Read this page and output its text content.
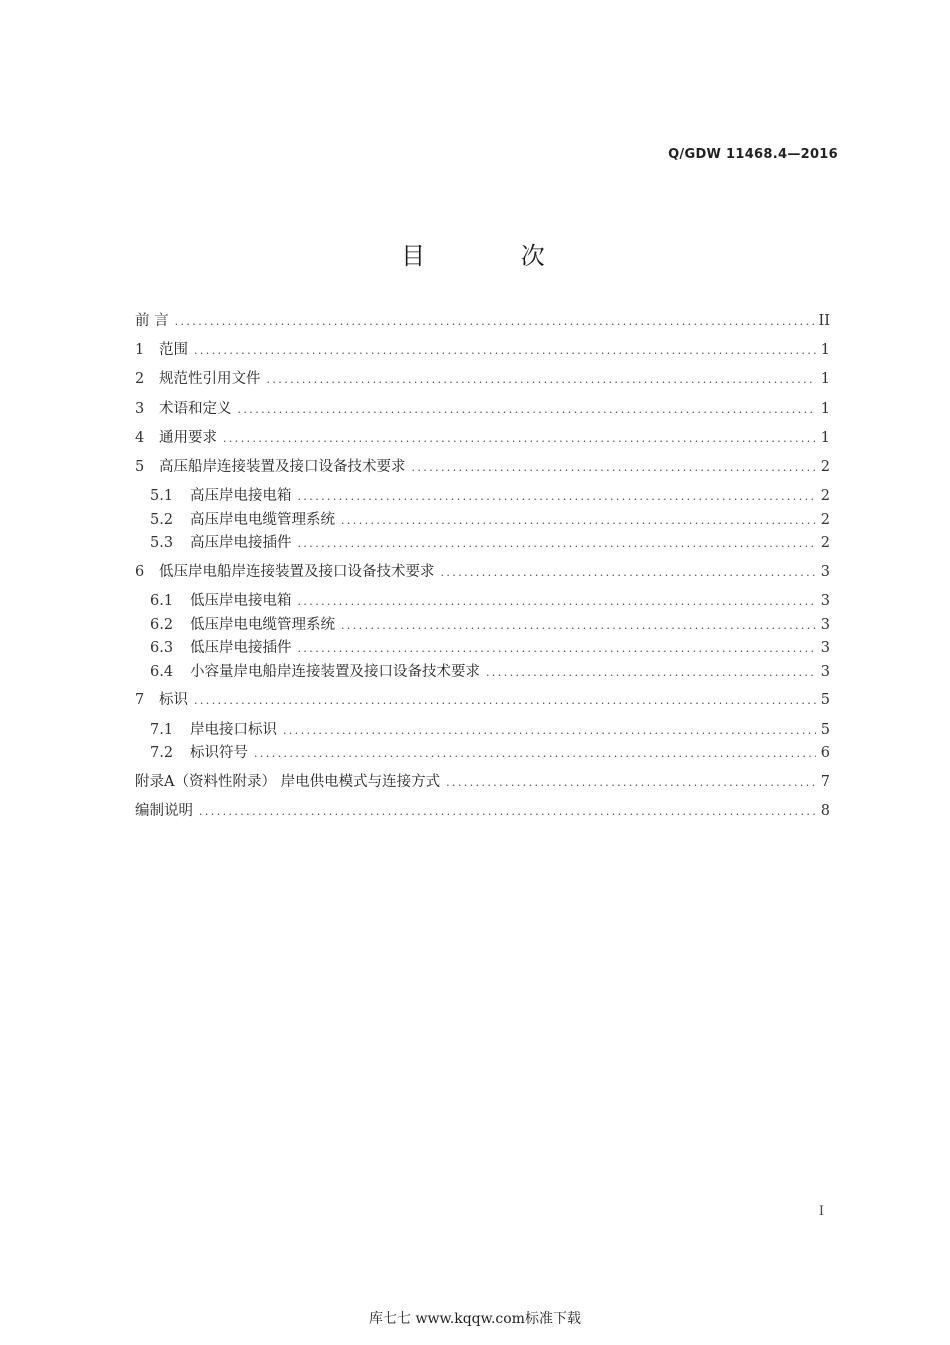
Q/GDW 11468.4—2016
目 次
前 言 .....	II
1	范围 .....	1
2	规范性引用文件 .....	1
3	术语和定义 .....	1
4	通用要求 .....	1
5	高压船岸连接装置及接口设备技术要求 .....	2
5.1	高压岸电接电箱 .....	2
5.2	高压岸电电缆管理系统 .....	2
5.3	高压岸电接插件 .....	2
6	低压岸电船岸连接装置及接口设备技术要求 .....	3
6.1	低压岸电接电箱 .....	3
6.2	低压岸电电缆管理系统 .....	3
6.3	低压岸电接插件 .....	3
6.4	小容量岸电船岸连接装置及接口设备技术要求 .....	3
7	标识 .....	5
7.1	岸电接口标识 .....	5
7.2	标识符号 .....	6
附录A（资料性附录） 岸电供电模式与连接方式 .....	7
编制说明 .....	8
I
库七七 www.kqqw.com标准下载
